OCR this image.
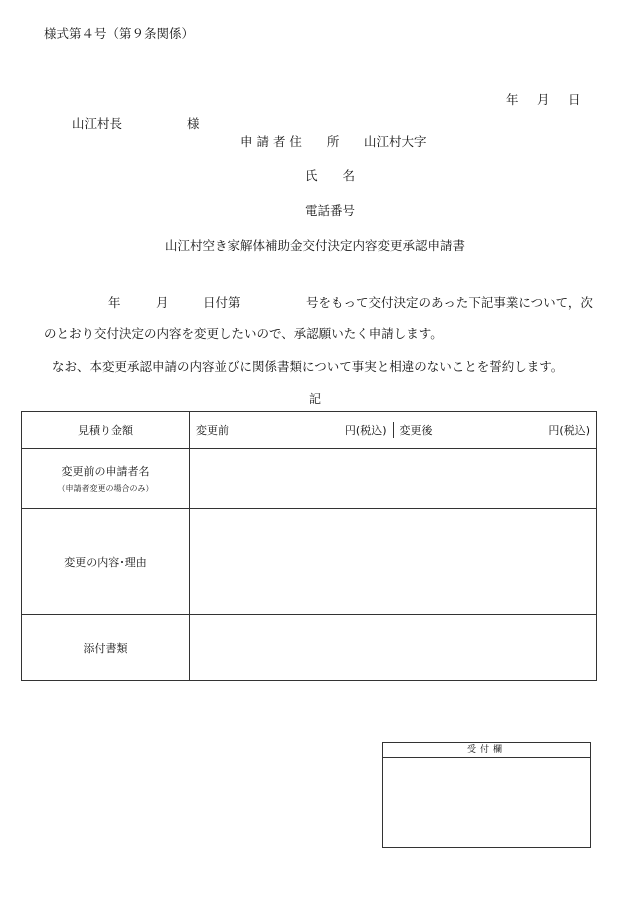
様式第４号（第９条関係）
年 月 日
山江村長	様
申 請 者 住　　所 山江村大字
氏　　名
電話番号
山江村空き家解体補助金交付決定内容変更承認申請書
年	月	日付第	号をもって交付決定のあった下記事業について，次
のとおり交付決定の内容を変更したいので、承認願いたく申請します。
なお、本変更承認申請の内容並びに関係書類について事実と相違のないことを誓約します。
記
見積り金額	変更前 円(税込) 変更後 円(税込)

変更前の申請者名
（申請者変更の場合のみ）	

変更の内容･理由	
添付書類	
受付欄
